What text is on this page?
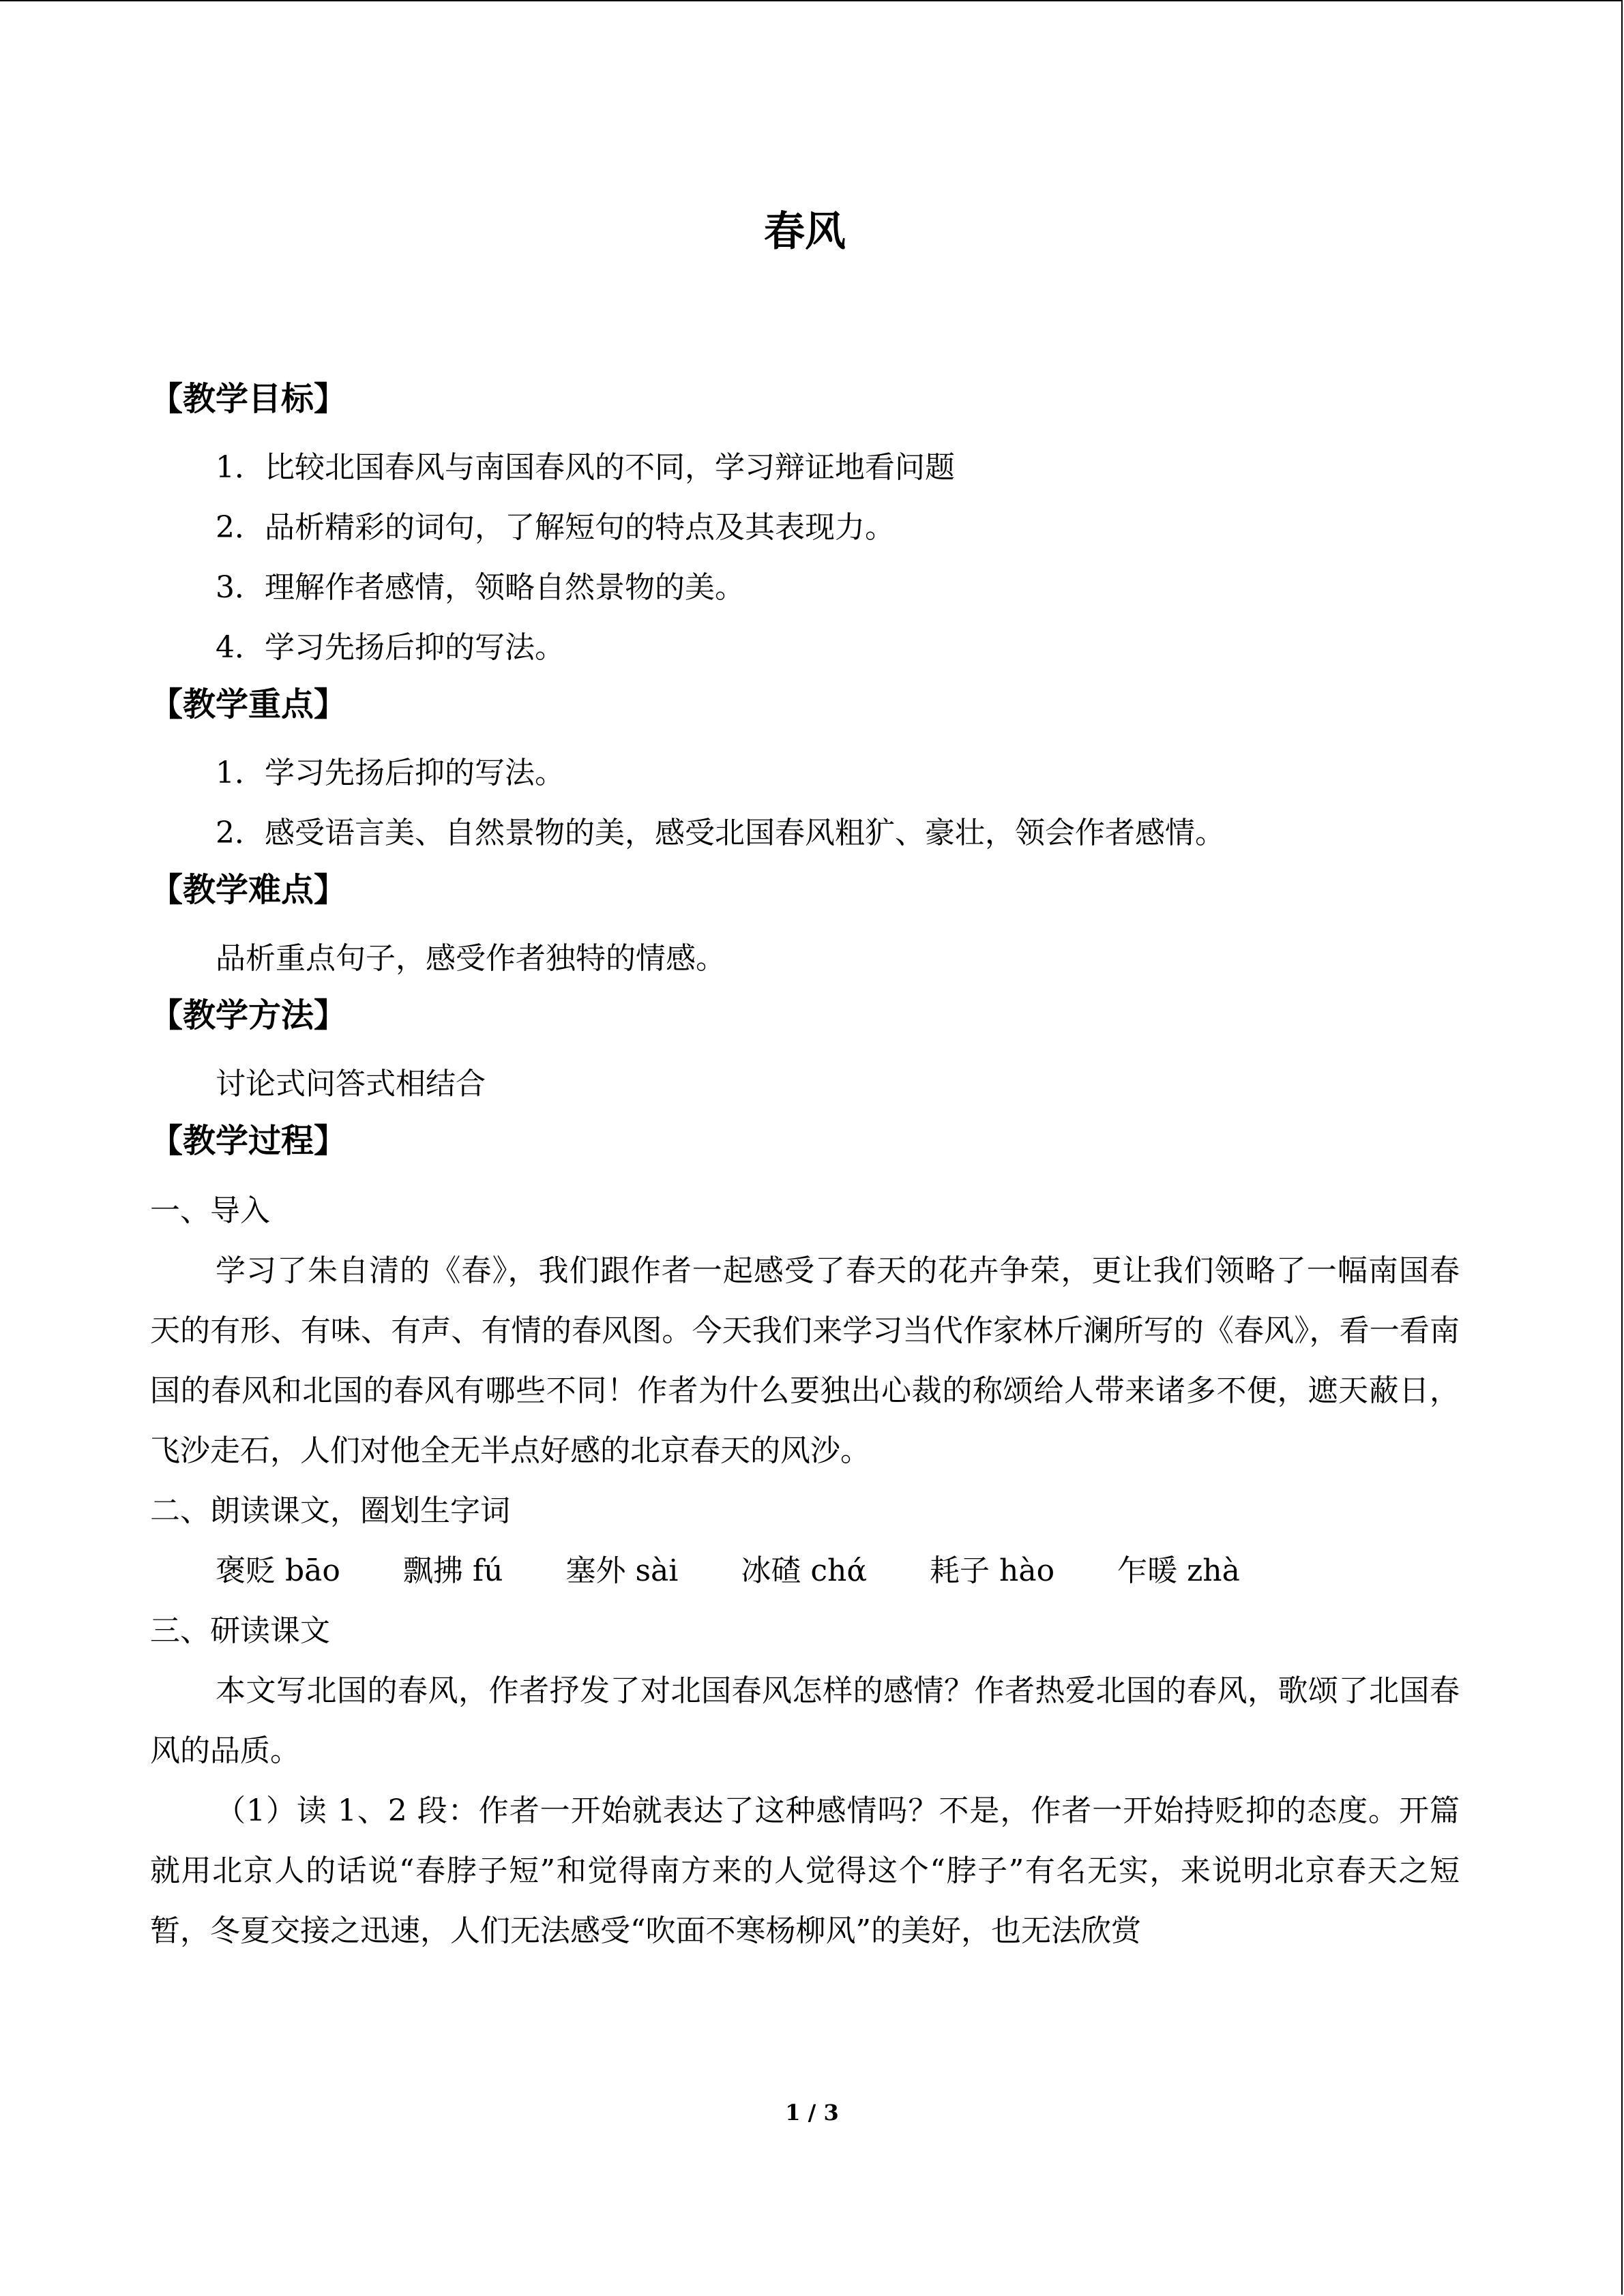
春风
【教学目标】

1．比较北国春风与南国春风的不同，学习辩证地看问题

2．品析精彩的词句，了解短句的特点及其表现力。

3．理解作者感情，领略自然景物的美。

4．学习先扬后抑的写法。

【教学重点】

1．学习先扬后抑的写法。

2．感受语言美、自然景物的美，感受北国春风粗犷、豪壮，领会作者感情。

【教学难点】

品析重点句子，感受作者独特的情感。

【教学方法】

讨论式问答式相结合

【教学过程】

一、导入

学习了朱自清的《春》，我们跟作者一起感受了春天的花卉争荣，更让我们领略了一幅南国春天的有形、有味、有声、有情的春风图。今天我们来学习当代作家林斤澜所写的《春风》，看一看南国的春风和北国的春风有哪些不同！作者为什么要独出心裁的称颂给人带来诸多不便，遮天蔽日，飞沙走石，人们对他全无半点好感的北京春天的风沙。

二、朗读课文，圈划生字词

褒贬 bāo 飘拂 fú 塞外 sài 冰碴 chά 耗子 hào 乍暖 zhà

三、研读课文

本文写北国的春风，作者抒发了对北国春风怎样的感情？作者热爱北国的春风，歌颂了北国春风的品质。

（1）读 1、2 段：作者一开始就表达了这种感情吗？不是，作者一开始持贬抑的态度。开篇就用北京人的话说“春脖子短”和觉得南方来的人觉得这个“脖子”有名无实，来说明北京春天之短暂，冬夏交接之迅速，人们无法感受“吹面不寒杨柳风”的美好，也无法欣赏

1 / 3
